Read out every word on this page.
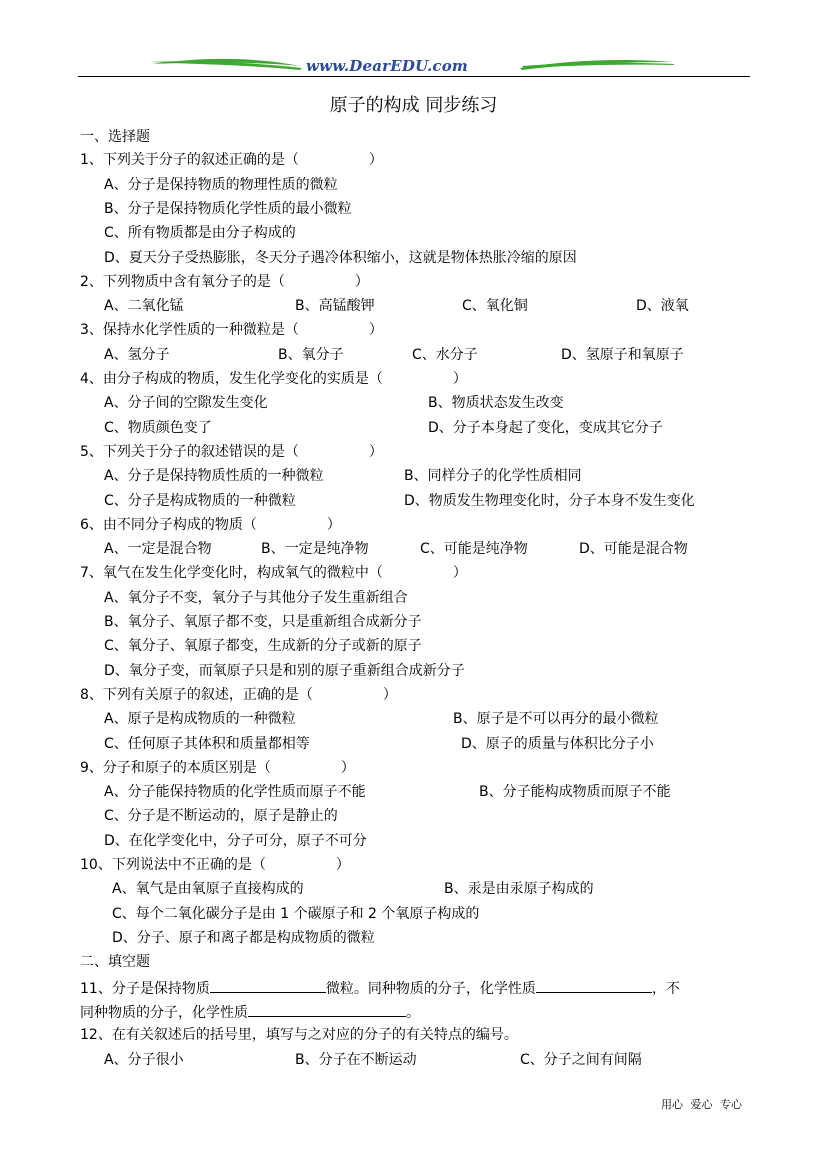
www.DearEDU.com
原子的构成 同步练习
一、选择题
1、下列关于分子的叙述正确的是（　　　　　）
A、分子是保持物质的物理性质的微粒
B、分子是保持物质化学性质的最小微粒
C、所有物质都是由分子构成的
D、夏天分子受热膨胀，冬天分子遇冷体积缩小，这就是物体热胀冷缩的原因
2、下列物质中含有氧分子的是（　　　　　）
A、二氧化锰	B、高锰酸钾	C、氧化铜	D、液氧
3、保持水化学性质的一种微粒是（　　　　　）
A、氢分子	B、氧分子	C、水分子	D、氢原子和氧原子
4、由分子构成的物质，发生化学变化的实质是（　　　　　）
A、分子间的空隙发生变化	B、物质状态发生改变
C、物质颜色变了	D、分子本身起了变化，变成其它分子
5、下列关于分子的叙述错误的是（　　　　　）
A、分子是保持物质性质的一种微粒	B、同样分子的化学性质相同
C、分子是构成物质的一种微粒	D、物质发生物理变化时，分子本身不发生变化
6、由不同分子构成的物质（　　　　　）
A、一定是混合物	B、一定是纯净物	C、可能是纯净物	D、可能是混合物
7、氧气在发生化学变化时，构成氧气的微粒中（　　　　　）
A、氧分子不变，氧分子与其他分子发生重新组合
B、氧分子、氧原子都不变，只是重新组合成新分子
C、氧分子、氧原子都变，生成新的分子或新的原子
D、氧分子变，而氧原子只是和别的原子重新组合成新分子
8、下列有关原子的叙述，正确的是（　　　　　）
A、原子是构成物质的一种微粒	B、原子是不可以再分的最小微粒
C、任何原子其体积和质量都相等	D、原子的质量与体积比分子小
9、分子和原子的本质区别是（　　　　　）
A、分子能保持物质的化学性质而原子不能	B、分子能构成物质而原子不能
C、分子是不断运动的，原子是静止的
D、在化学变化中，分子可分，原子不可分
10、下列说法中不正确的是（　　　　　）
A、氧气是由氧原子直接构成的	B、汞是由汞原子构成的
C、每个二氧化碳分子是由 1 个碳原子和 2 个氧原子构成的
D、分子、原子和离子都是构成物质的微粒
二、填空题
11、分子是保持物质	微粒。同种物质的分子，化学性质	，不
同种物质的分子，化学性质	。
12、在有关叙述后的括号里，填写与之对应的分子的有关特点的编号。
A、分子很小	B、分子在不断运动	C、分子之间有间隔
用心 爱心 专心
